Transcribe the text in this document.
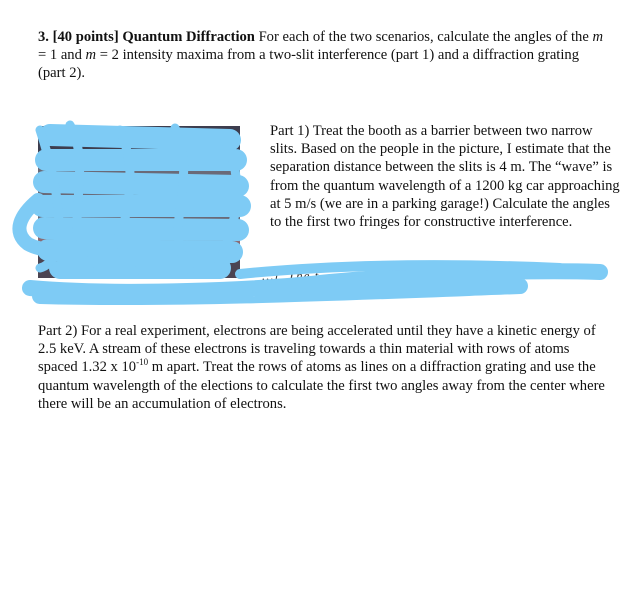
3. [40 points] Quantum Diffraction For each of the two scenarios, calculate the angles of the m = 1 and m = 2 intensity maxima from a two-slit interference (part 1) and a diffraction grating (part 2).
Part 1) Treat the booth as a barrier between two narrow slits. Based on the people in the picture, I estimate that the separation distance between the slits is 4 m. The “wave” is from the quantum wavelength of a 1200 kg car approaching at 5 m/s (we are in a parking garage!) Calculate the angles to the first two fringes for constructive interference.
...l. The t...
Part 2) For a real experiment, electrons are being accelerated until they have a kinetic energy of 2.5 keV. A stream of these electrons is traveling towards a thin material with rows of atoms spaced 1.32 x $10^{-10}$ m apart. Treat the rows of atoms as lines on a diffraction grating and use the quantum wavelength of the elections to calculate the first two angles away from the center where there will be an accumulation of electrons.
